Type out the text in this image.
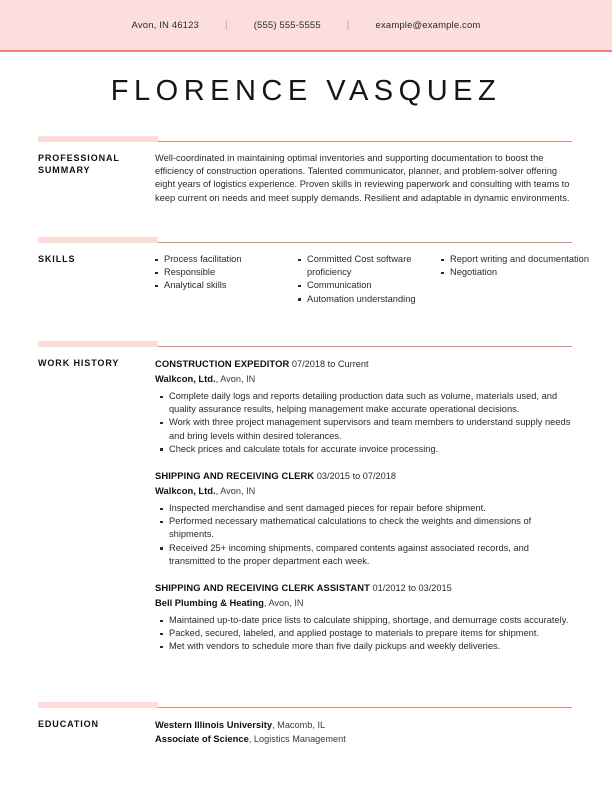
Avon, IN 46123	|	(555) 555-5555	|	example@example.com
FLORENCE VASQUEZ
PROFESSIONAL
SUMMARY
Well-coordinated in maintaining optimal inventories and supporting documentation to boost the efficiency of construction operations. Talented communicator, planner, and problem-solver offering eight years of logistics experience. Proven skills in reviewing paperwork and consulting with teams to keep current on needs and meet supply demands. Resilient and adaptable in dynamic environments.
SKILLS	Process facilitation
Responsible
Analytical skills
Committed Cost software proficiency
Communication
Automation understanding
Report writing and documentation
Negotiation
WORK HISTORY	CONSTRUCTION EXPEDITOR 07/2018 to Current
Walkcon, Ltd., Avon, IN
Complete daily logs and reports detailing production data such as volume, materials used, and quality assurance results, helping management make accurate operational decisions.
Work with three project management supervisors and team members to understand supply needs and bring levels within desired tolerances.
Check prices and calculate totals for accurate invoice processing.
SHIPPING AND RECEIVING CLERK 03/2015 to 07/2018
Walkcon, Ltd., Avon, IN
Inspected merchandise and sent damaged pieces for repair before shipment.
Performed necessary mathematical calculations to check the weights and dimensions of shipments.
Received 25+ incoming shipments, compared contents against associated records, and transmitted to the proper department each week.
SHIPPING AND RECEIVING CLERK ASSISTANT 01/2012 to 03/2015
Bell Plumbing & Heating, Avon, IN
Maintained up-to-date price lists to calculate shipping, shortage, and demurrage costs accurately.
Packed, secured, labeled, and applied postage to materials to prepare items for shipment.
Met with vendors to schedule more than five daily pickups and weekly deliveries.
EDUCATION	Western Illinois University, Macomb, IL
Associate of Science, Logistics Management
